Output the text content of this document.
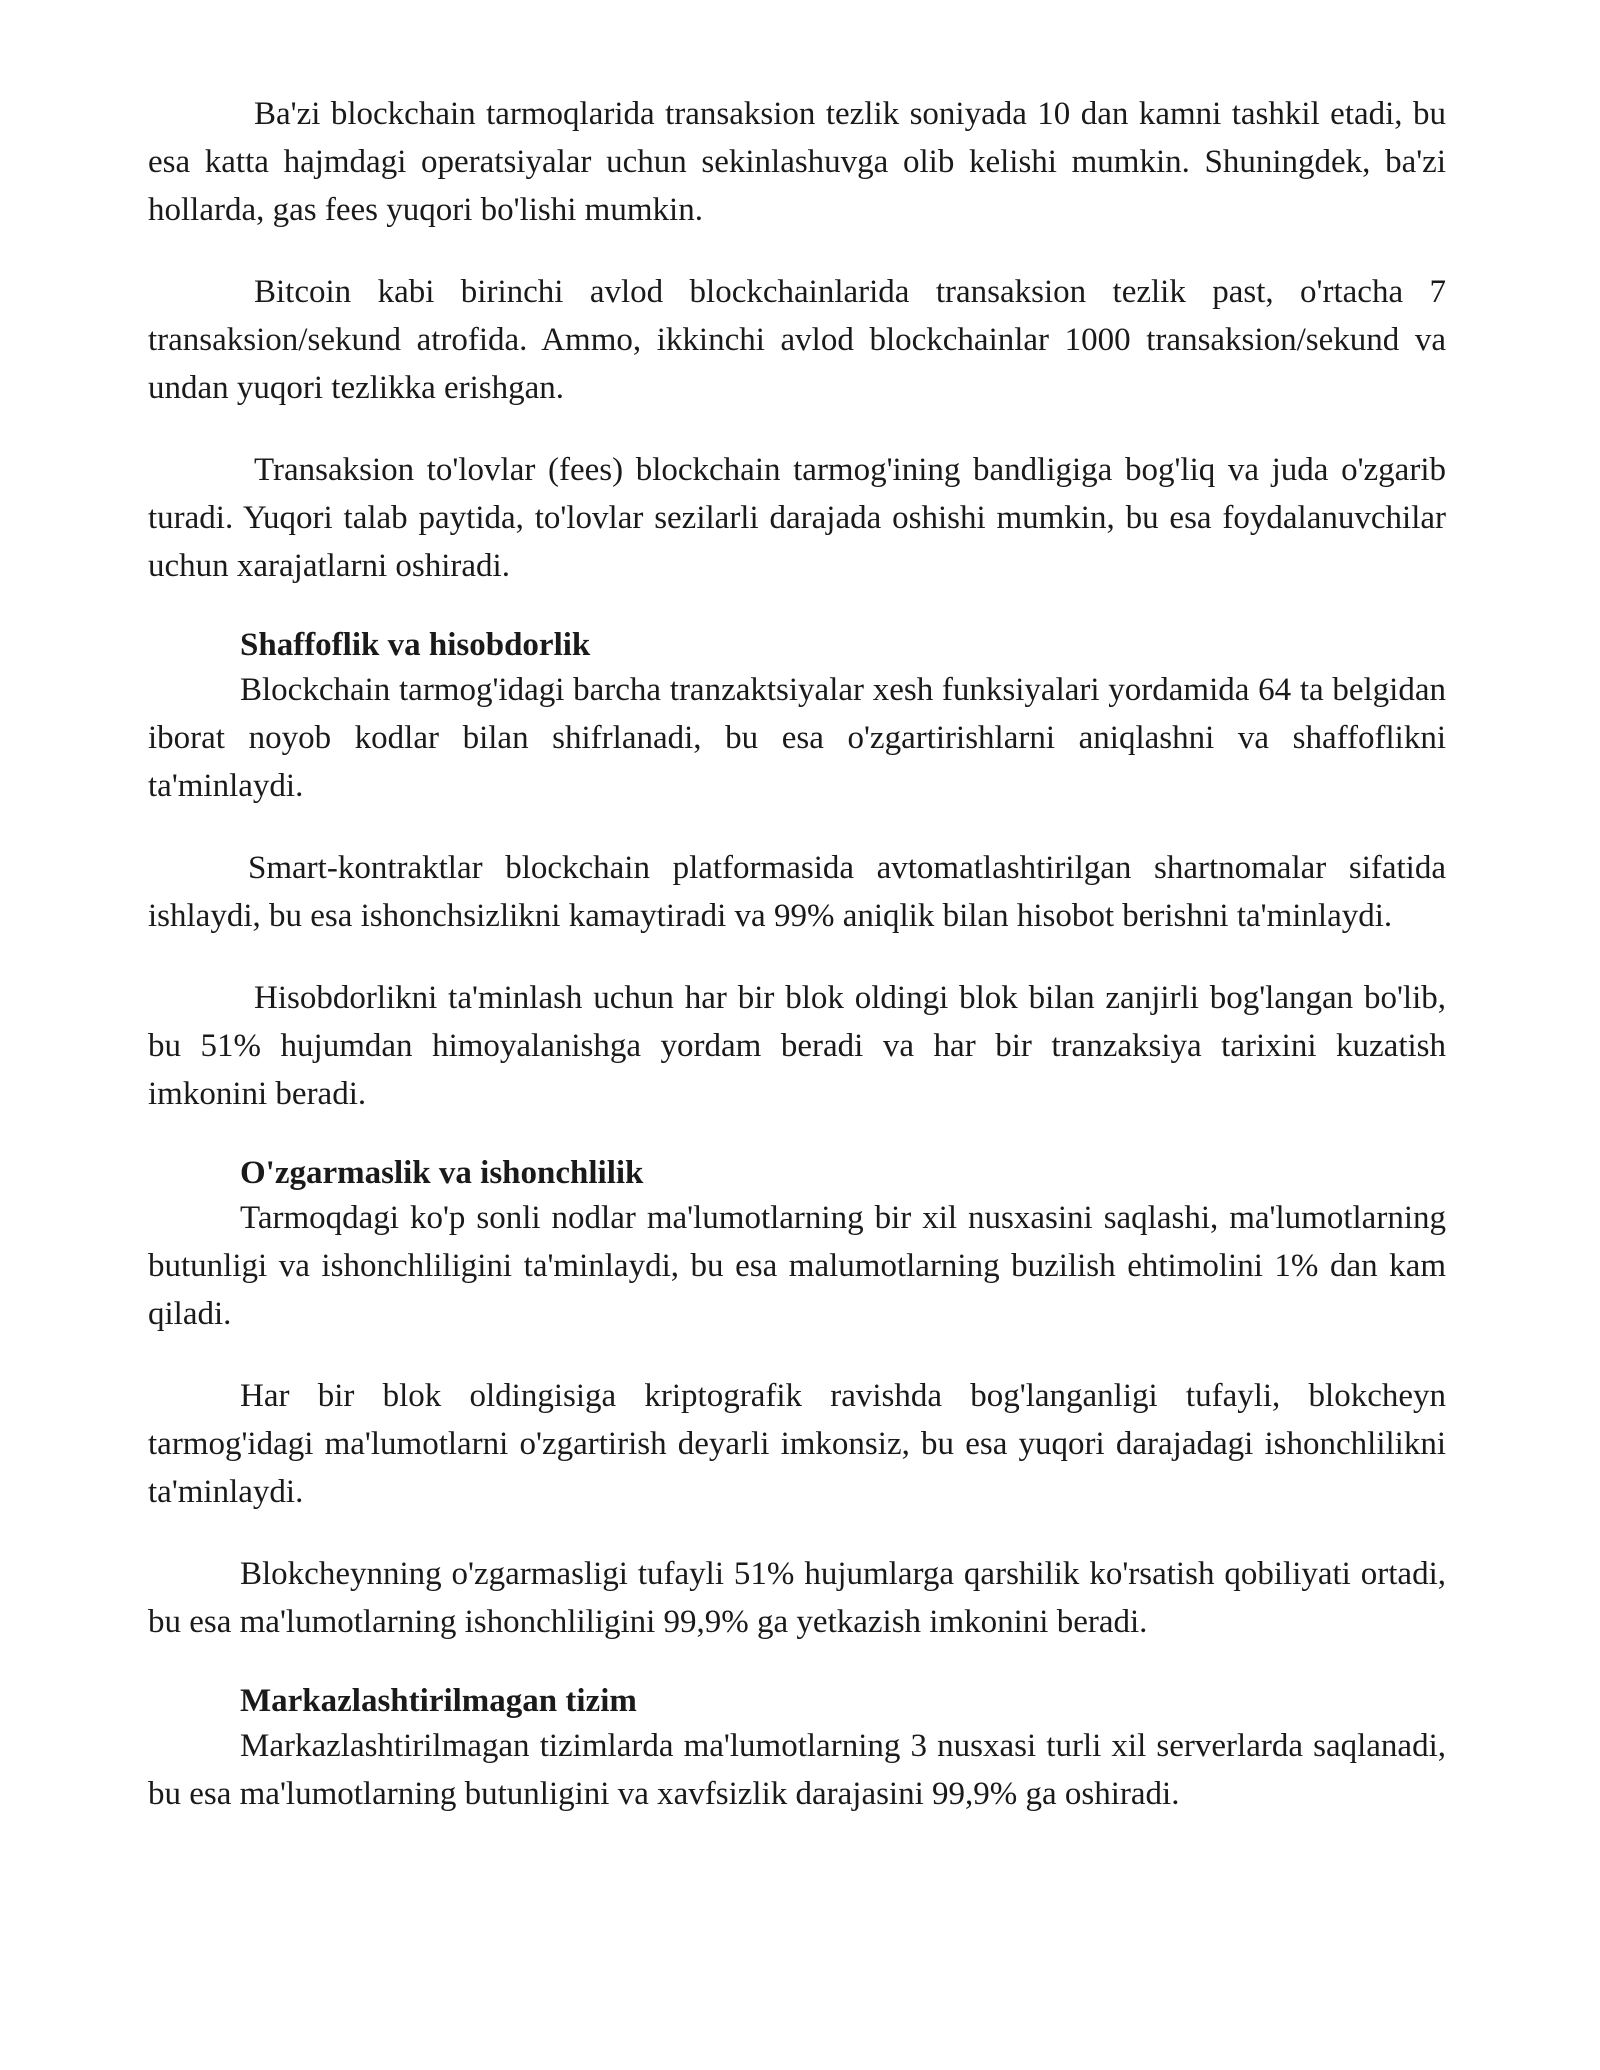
Ba'zi blockchain tarmoqlarida transaksion tezlik soniyada 10 dan kamni tashkil etadi, bu esa katta hajmdagi operatsiyalar uchun sekinlashuvga olib kelishi mumkin. Shuningdek, ba'zi hollarda, gas fees yuqori bo'lishi mumkin.

Bitcoin kabi birinchi avlod blockchainlarida transaksion tezlik past, o'rtacha 7 transaksion/sekund atrofida. Ammo, ikkinchi avlod blockchainlar 1000 transaksion/sekund va undan yuqori tezlikka erishgan.

Transaksion to'lovlar (fees) blockchain tarmog'ining bandligiga bog'liq va juda o'zgarib turadi. Yuqori talab paytida, to'lovlar sezilarli darajada oshishi mumkin, bu esa foydalanuvchilar uchun xarajatlarni oshiradi.

Shaffoflik va hisobdorlik

Blockchain tarmog'idagi barcha tranzaktsiyalar xesh funksiyalari yordamida 64 ta belgidan iborat noyob kodlar bilan shifrlanadi, bu esa o'zgartirishlarni aniqlashni va shaffoflikni ta'minlaydi.

Smart-kontraktlar blockchain platformasida avtomatlashtirilgan shartnomalar sifatida ishlaydi, bu esa ishonchsizlikni kamaytiradi va 99% aniqlik bilan hisobot berishni ta'minlaydi.

Hisobdorlikni ta'minlash uchun har bir blok oldingi blok bilan zanjirli bog'langan bo'lib, bu 51% hujumdan himoyalanishga yordam beradi va har bir tranzaksiya tarixini kuzatish imkonini beradi.

O'zgarmaslik va ishonchlilik

Tarmoqdagi ko'p sonli nodlar ma'lumotlarning bir xil nusxasini saqlashi, ma'lumotlarning butunligi va ishonchliligini ta'minlaydi, bu esa malumotlarning buzilish ehtimolini 1% dan kam qiladi.

Har bir blok oldingisiga kriptografik ravishda bog'langanligi tufayli, blokcheyn tarmog'idagi ma'lumotlarni o'zgartirish deyarli imkonsiz, bu esa yuqori darajadagi ishonchlilikni ta'minlaydi.

Blokcheynning o'zgarmasligi tufayli 51% hujumlarga qarshilik ko'rsatish qobiliyati ortadi, bu esa ma'lumotlarning ishonchliligini 99,9% ga yetkazish imkonini beradi.

Markazlashtirilmagan tizim

Markazlashtirilmagan tizimlarda ma'lumotlarning 3 nusxasi turli xil serverlarda saqlanadi, bu esa ma'lumotlarning butunligini va xavfsizlik darajasini 99,9% ga oshiradi.
